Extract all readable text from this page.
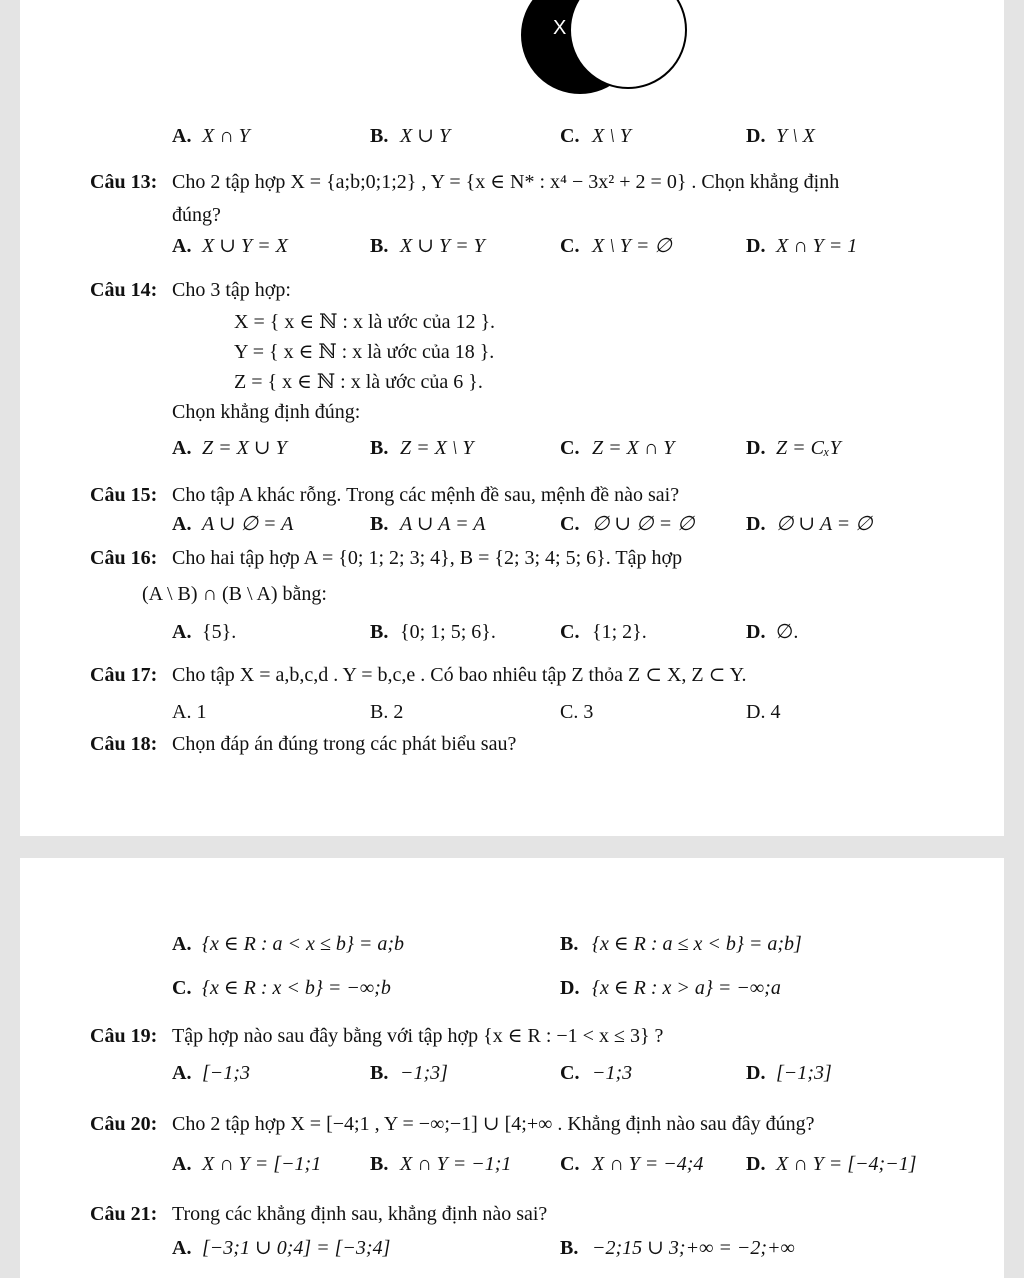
X
A. X ∩ Y	B. X ∪ Y	C. X \ Y	D. Y \ X
Câu 13: Cho 2 tập hợp X = {a;b;0;1;2} , Y = {x ∈ N* : x⁴ − 3x² + 2 = 0} . Chọn khẳng định
đúng?
A. X ∪ Y = X	B. X ∪ Y = Y	C. X \ Y = ∅	D. X ∩ Y = 1
Câu 14: Cho 3 tập hợp:
X = { x ∈ ℕ : x là ước của 12 }.
Y = { x ∈ ℕ : x là ước của 18 }.
Z = { x ∈ ℕ : x là ước của 6 }.
Chọn khẳng định đúng:
A. Z = X ∪ Y	B. Z = X \ Y	C. Z = X ∩ Y	D. Z = CₓY
Câu 15: Cho tập A khác rỗng. Trong các mệnh đề sau, mệnh đề nào sai?
A. A ∪ ∅ = A	B. A ∪ A = A	C. ∅ ∪ ∅ = ∅	D. ∅ ∪ A = ∅
Câu 16: Cho hai tập hợp A = {0; 1; 2; 3; 4}, B = {2; 3; 4; 5; 6}. Tập hợp
(A \ B) ∩ (B \ A) bằng:
A. {5}.	B. {0; 1; 5; 6}.	C. {1; 2}.	D. ∅.
Câu 17: Cho tập X = a,b,c,d . Y = b,c,e . Có bao nhiêu tập Z thỏa Z ⊂ X, Z ⊂ Y.
A. 1	B. 2	C. 3	D. 4
Câu 18: Chọn đáp án đúng trong các phát biểu sau?
A. {x ∈ R : a < x ≤ b} = a;b	B. {x ∈ R : a ≤ x < b} = a;b]
C. {x ∈ R : x < b} = −∞;b	D. {x ∈ R : x > a} = −∞;a
Câu 19: Tập hợp nào sau đây bằng với tập hợp {x ∈ R : −1 < x ≤ 3} ?
A. [−1;3	B. −1;3]	C. −1;3	D. [−1;3]
Câu 20: Cho 2 tập hợp X = [−4;1 , Y = −∞;−1] ∪ [4;+∞ . Khẳng định nào sau đây đúng?
A. X ∩ Y = [−1;1 B. X ∩ Y = −1;1 C. X ∩ Y = −4;4 D. X ∩ Y = [−4;−1]
Câu 21: Trong các khẳng định sau, khẳng định nào sai?
A. [−3;1 ∪ 0;4] = [−3;4]	B. −2;15 ∪ 3;+∞ = −2;+∞
